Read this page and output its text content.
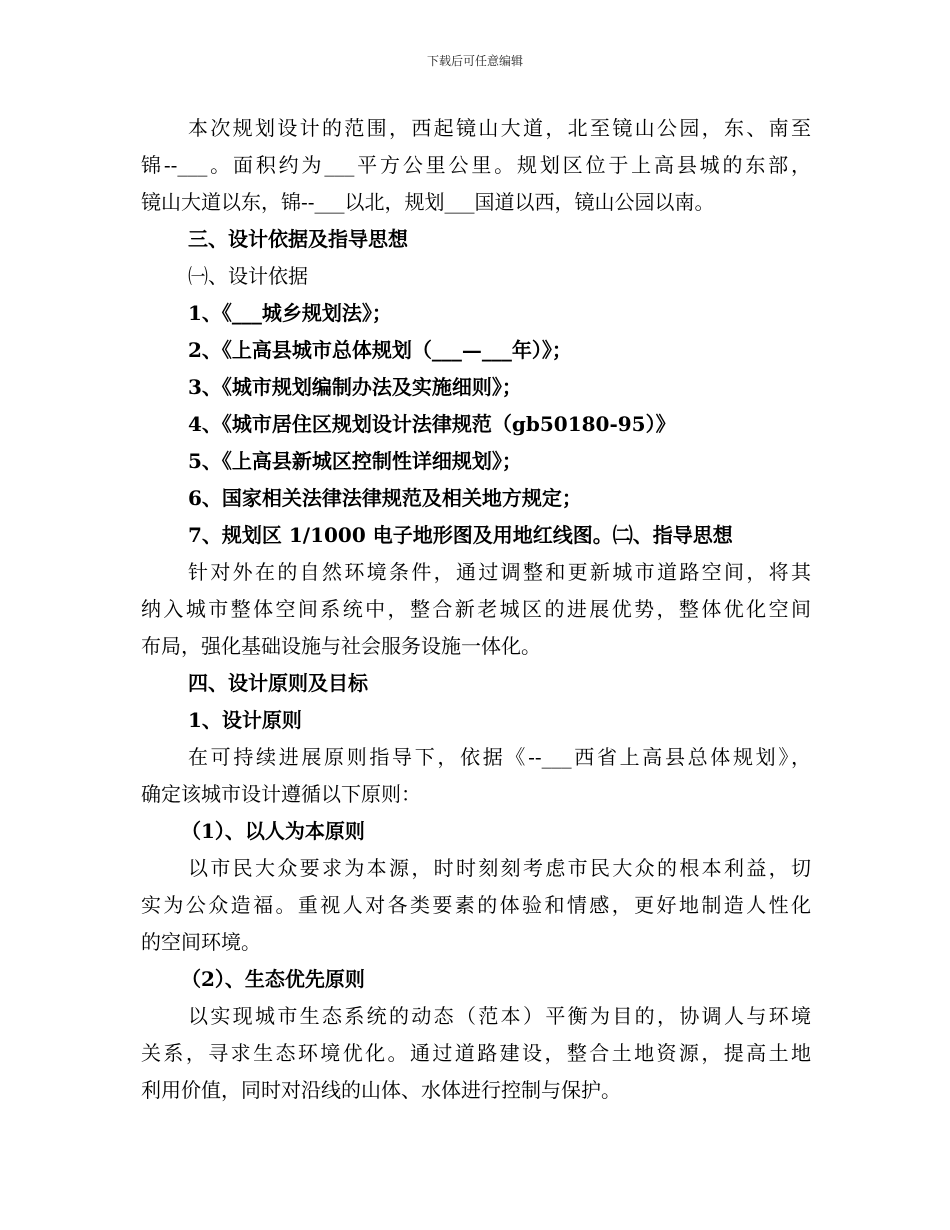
下载后可任意编辑
本次规划设计的范围，西起镜山大道，北至镜山公园，东、南至
锦--___。面积约为___平方公里公里。规划区位于上高县城的东部，
镜山大道以东，锦--___以北，规划___国道以西，镜山公园以南。
三、设计依据及指导思想
㈠、设计依据
1、《___城乡规划法》；
2、《上高县城市总体规划（___—___年）》；
3、《城市规划编制办法及实施细则》；
4、《城市居住区规划设计法律规范（gb50180-95）》
5、《上高县新城区控制性详细规划》；
6、国家相关法律法律规范及相关地方规定；
7、规划区 1/1000 电子地形图及用地红线图。㈡、指导思想
针对外在的自然环境条件，通过调整和更新城市道路空间，将其
纳入城市整体空间系统中，整合新老城区的进展优势，整体优化空间
布局，强化基础设施与社会服务设施一体化。
四、设计原则及目标
1、设计原则
在可持续进展原则指导下，依据《--___西省上高县总体规划》，
确定该城市设计遵循以下原则：
（1）、以人为本原则
以市民大众要求为本源，时时刻刻考虑市民大众的根本利益，切
实为公众造福。重视人对各类要素的体验和情感，更好地制造人性化
的空间环境。
（2）、生态优先原则
以实现城市生态系统的动态（范本）平衡为目的，协调人与环境
关系，寻求生态环境优化。通过道路建设，整合土地资源，提高土地
利用价值，同时对沿线的山体、水体进行控制与保护。
